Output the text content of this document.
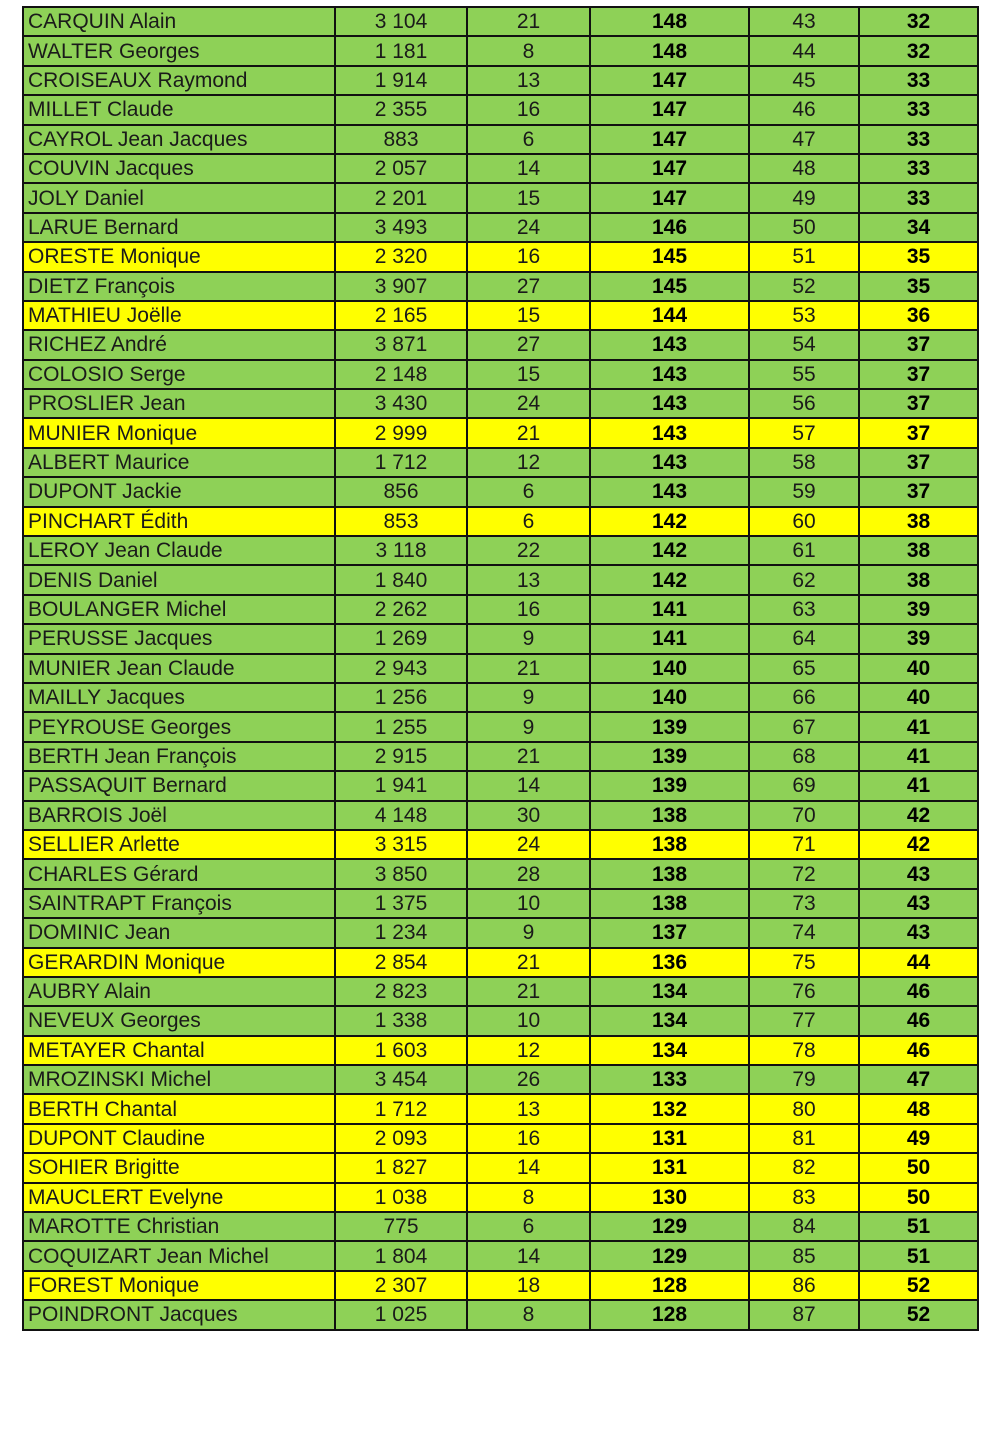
CARQUIN Alain	3 104	21	148	43	32
WALTER Georges	1 181	8	148	44	32
CROISEAUX Raymond	1 914	13	147	45	33
MILLET Claude	2 355	16	147	46	33
CAYROL Jean Jacques	883	6	147	47	33
COUVIN Jacques	2 057	14	147	48	33
JOLY Daniel	2 201	15	147	49	33
LARUE Bernard	3 493	24	146	50	34
ORESTE Monique	2 320	16	145	51	35
DIETZ François	3 907	27	145	52	35
MATHIEU Joëlle	2 165	15	144	53	36
RICHEZ André	3 871	27	143	54	37
COLOSIO Serge	2 148	15	143	55	37
PROSLIER Jean	3 430	24	143	56	37
MUNIER Monique	2 999	21	143	57	37
ALBERT Maurice	1 712	12	143	58	37
DUPONT Jackie	856	6	143	59	37
PINCHART Édith	853	6	142	60	38
LEROY Jean Claude	3 118	22	142	61	38
DENIS Daniel	1 840	13	142	62	38
BOULANGER Michel	2 262	16	141	63	39
PERUSSE Jacques	1 269	9	141	64	39
MUNIER Jean Claude	2 943	21	140	65	40
MAILLY Jacques	1 256	9	140	66	40
PEYROUSE Georges	1 255	9	139	67	41
BERTH Jean François	2 915	21	139	68	41
PASSAQUIT Bernard	1 941	14	139	69	41
BARROIS Joël	4 148	30	138	70	42
SELLIER Arlette	3 315	24	138	71	42
CHARLES Gérard	3 850	28	138	72	43
SAINTRAPT François	1 375	10	138	73	43
DOMINIC Jean	1 234	9	137	74	43
GERARDIN Monique	2 854	21	136	75	44
AUBRY Alain	2 823	21	134	76	46
NEVEUX Georges	1 338	10	134	77	46
METAYER Chantal	1 603	12	134	78	46
MROZINSKI Michel	3 454	26	133	79	47
BERTH Chantal	1 712	13	132	80	48
DUPONT Claudine	2 093	16	131	81	49
SOHIER Brigitte	1 827	14	131	82	50
MAUCLERT Evelyne	1 038	8	130	83	50
MAROTTE Christian	775	6	129	84	51
COQUIZART Jean Michel	1 804	14	129	85	51
FOREST Monique	2 307	18	128	86	52
POINDRONT Jacques	1 025	8	128	87	52
